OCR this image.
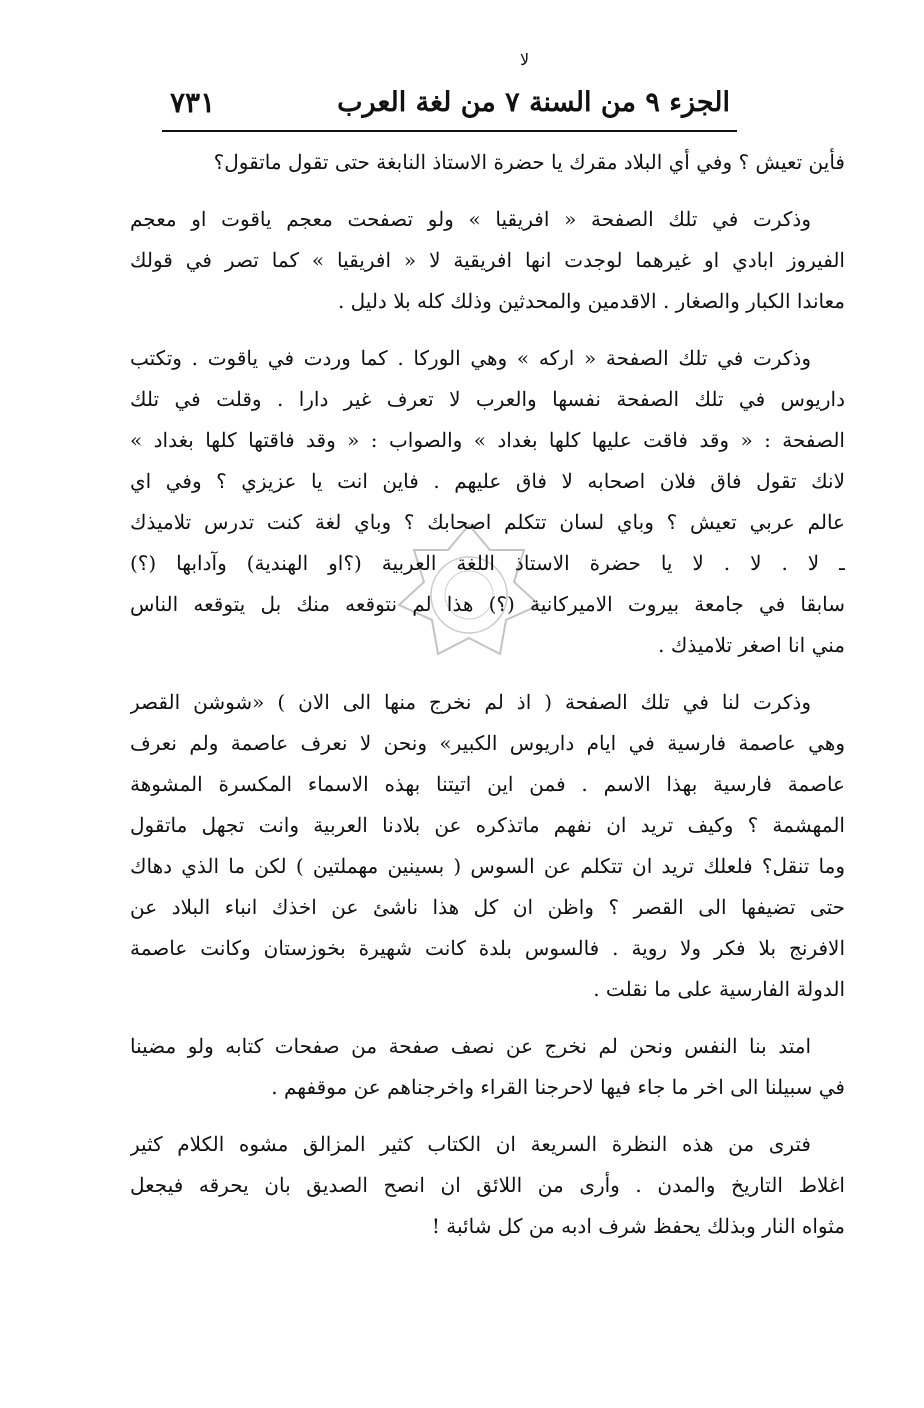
ﻻ
الجزء ٩ من السنة ٧ من لغة العرب
٧٣١
فأين تعيش ؟ وفي أي البلاد مقرك يا حضرة الاستاذ النابغة حتى تقول ماتقول؟
وذكرت في تلك الصفحة « افريقيا » ولو تصفحت معجم ياقوت او معجم
الفيروز ابادي او غيرهما لوجدت انها افريقية لا « افريقيا » كما تصر في قولك
معاندا الكبار والصغار . الاقدمين والمحدثين وذلك كله بلا دليل .
وذكرت في تلك الصفحة « اركه » وهي الوركا . كما وردت في ياقوت . وتكتب
داريوس في تلك الصفحة نفسها والعرب لا تعرف غير دارا . وقلت في تلك
الصفحة : « وقد فاقت عليها كلها بغداد » والصواب : « وقد فاقتها كلها بغداد »
لانك تقول فاق فلان اصحابه لا فاق عليهم . فاين انت يا عزيزي ؟ وفي اي
عالم عربي تعيش ؟ وباي لسان تتكلم اصحابك ؟ وباي لغة كنت تدرس تلاميذك
ـ لا . لا . لا يا حضرة الاستاذ اللغة العربية (؟او الهندية) وآدابها (؟)
سابقا في جامعة بيروت الاميركانية (؟) هذا لم نتوقعه منك بل يتوقعه الناس
مني انا اصغر تلاميذك .
وذكرت لنا في تلك الصفحة ( اذ لم نخرج منها الى الان ) «شوشن القصر
وهي عاصمة فارسية في ايام داريوس الكبير» ونحن لا نعرف عاصمة ولم نعرف
عاصمة فارسية بهذا الاسم . فمن اين اتيتنا بهذه الاسماء المكسرة المشوهة
المهشمة ؟ وكيف تريد ان نفهم ماتذكره عن بلادنا العربية وانت تجهل ماتقول
وما تنقل؟ فلعلك تريد ان تتكلم عن السوس ( بسينين مهملتين ) لكن ما الذي دهاك
حتى تضيفها الى القصر ؟ واظن ان كل هذا ناشئ عن اخذك انباء البلاد عن
الافرنج بلا فكر ولا روية . فالسوس بلدة كانت شهيرة بخوزستان وكانت عاصمة
الدولة الفارسية على ما نقلت .
امتد بنا النفس ونحن لم نخرج عن نصف صفحة من صفحات كتابه ولو مضينا
في سبيلنا الى اخر ما جاء فيها لاحرجنا القراء واخرجناهم عن موقفهم .
فترى من هذه النظرة السريعة ان الكتاب كثير المزالق مشوه الكلام كثير
اغلاط التاريخ والمدن . وأرى من اللائق ان انصح الصديق بان يحرقه فيجعل
مثواه النار وبذلك يحفظ شرف ادبه من كل شائبة !
